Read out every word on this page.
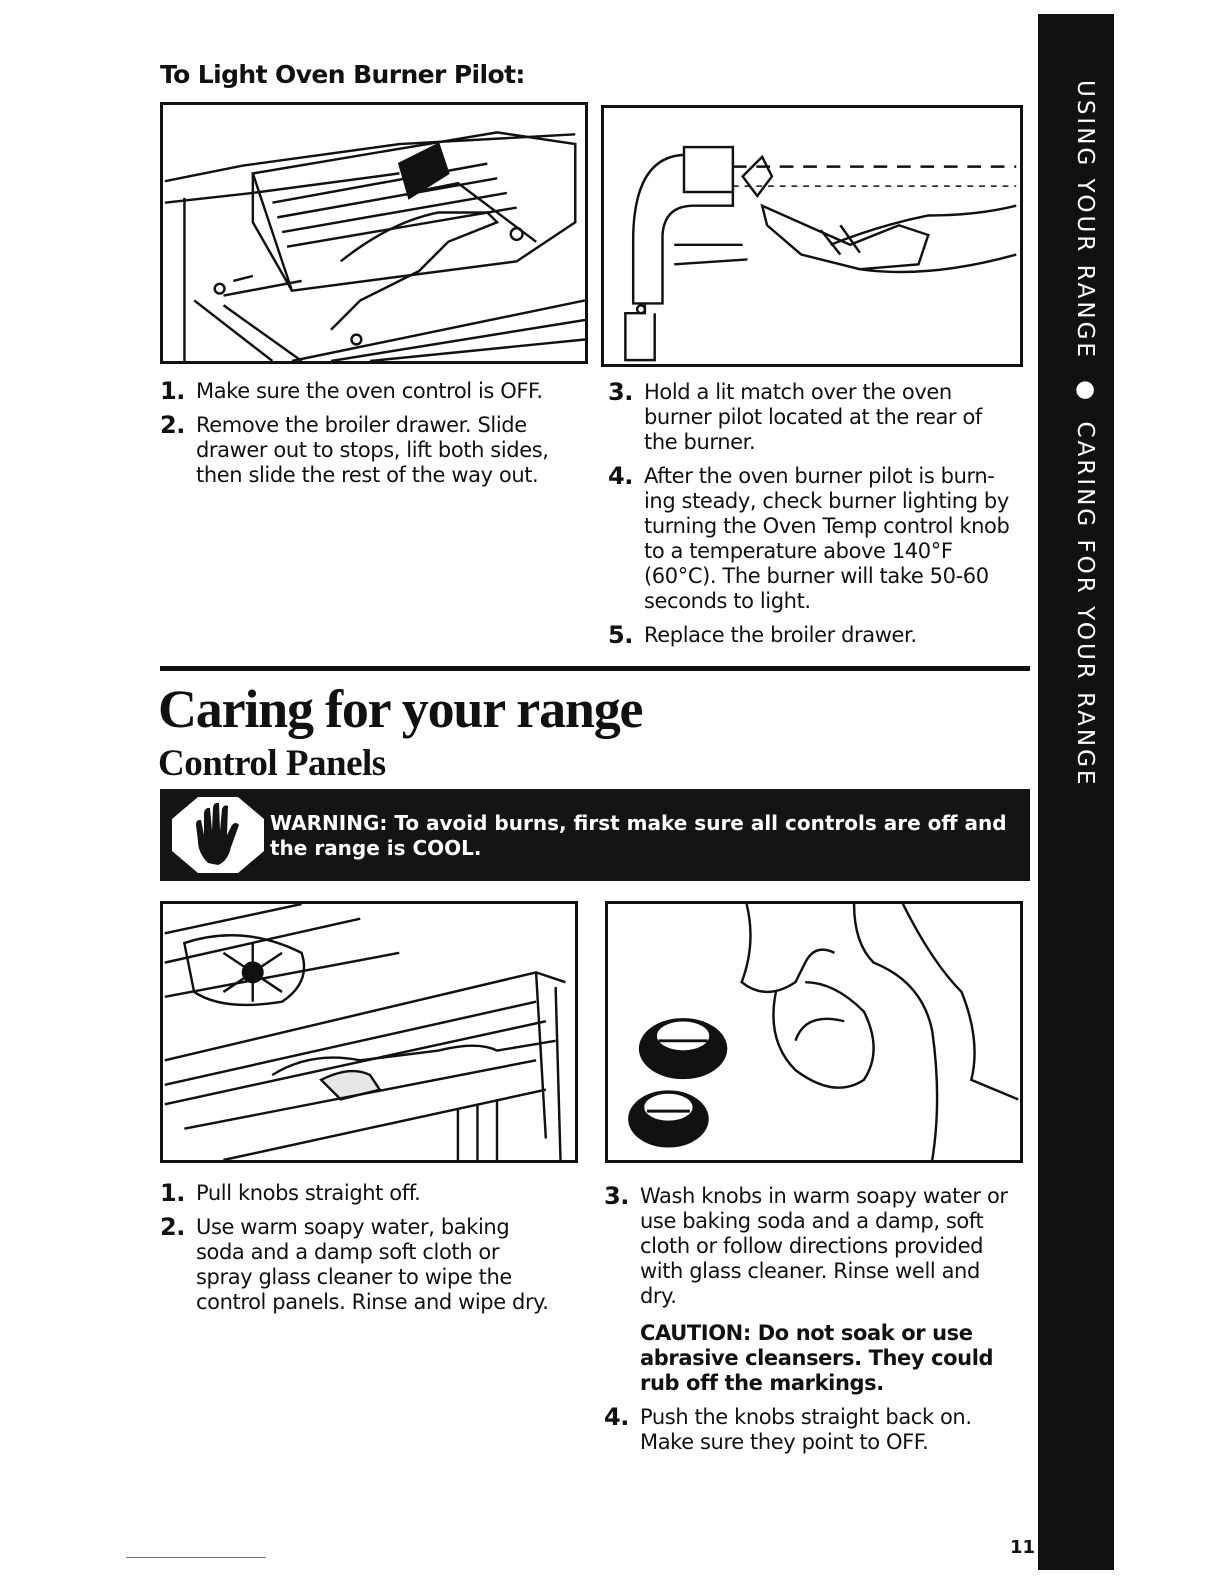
USING YOUR RANGE ● CARING FOR YOUR RANGE
To Light Oven Burner Pilot:
1. Make sure the oven control is OFF.
2. Remove the broiler drawer. Slide drawer out to stops, lift both sides, then slide the rest of the way out.
3. Hold a lit match over the oven burner pilot located at the rear of the burner.
4. After the oven burner pilot is burn-ing steady, check burner lighting by turning the Oven Temp control knob to a temperature above 140°F (60°C). The burner will take 50-60 seconds to light.
5. Replace the broiler drawer.
Caring for your range
Control Panels
WARNING: To avoid burns, first make sure all controls are off and the range is COOL.
1. Pull knobs straight off.
2. Use warm soapy water, baking soda and a damp soft cloth or spray glass cleaner to wipe the control panels. Rinse and wipe dry.
3. Wash knobs in warm soapy water or use baking soda and a damp, soft cloth or follow directions provided with glass cleaner. Rinse well and dry.
CAUTION: Do not soak or use abrasive cleansers. They could rub off the markings.
4. Push the knobs straight back on. Make sure they point to OFF.
11
